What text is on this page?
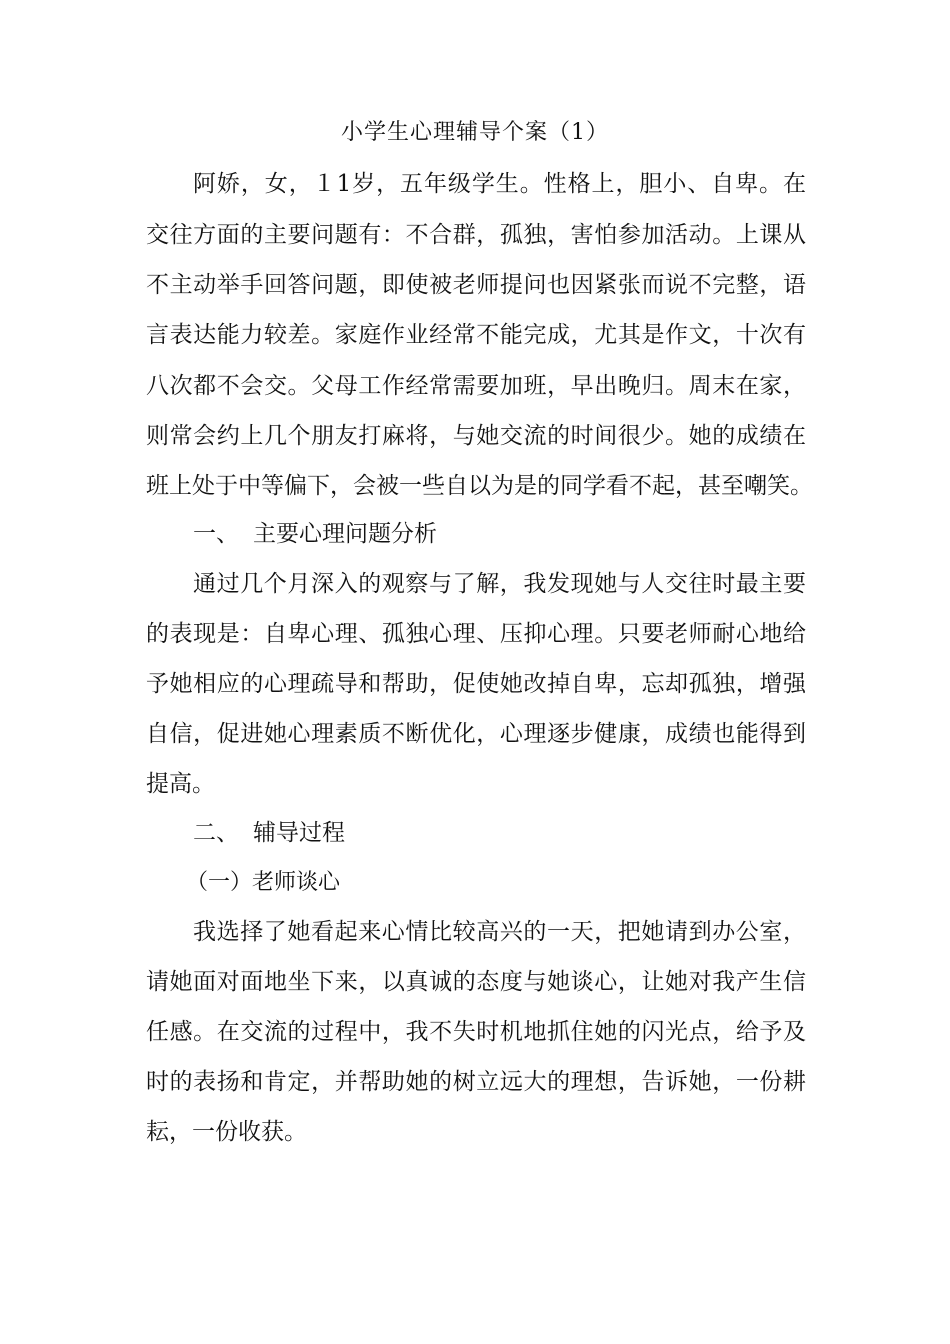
小学生心理辅导个案（1）
阿娇，女，１1岁，五年级学生。性格上，胆小、自卑。在
交往方面的主要问题有：不合群，孤独，害怕参加活动。上课从
不主动举手回答问题，即使被老师提问也因紧张而说不完整，语
言表达能力较差。家庭作业经常不能完成，尤其是作文，十次有
八次都不会交。父母工作经常需要加班，早出晚归。周末在家，
则常会约上几个朋友打麻将，与她交流的时间很少。她的成绩在
班上处于中等偏下，会被一些自以为是的同学看不起，甚至嘲笑。
一、 主要心理问题分析
通过几个月深入的观察与了解，我发现她与人交往时最主要
的表现是：自卑心理、孤独心理、压抑心理。只要老师耐心地给
予她相应的心理疏导和帮助，促使她改掉自卑，忘却孤独，增强
自信，促进她心理素质不断优化，心理逐步健康，成绩也能得到
提高。
二、 辅导过程
（一）老师谈心
我选择了她看起来心情比较高兴的一天，把她请到办公室，
请她面对面地坐下来，以真诚的态度与她谈心，让她对我产生信
任感。在交流的过程中，我不失时机地抓住她的闪光点，给予及
时的表扬和肯定，并帮助她的树立远大的理想，告诉她，一份耕
耘，一份收获。
